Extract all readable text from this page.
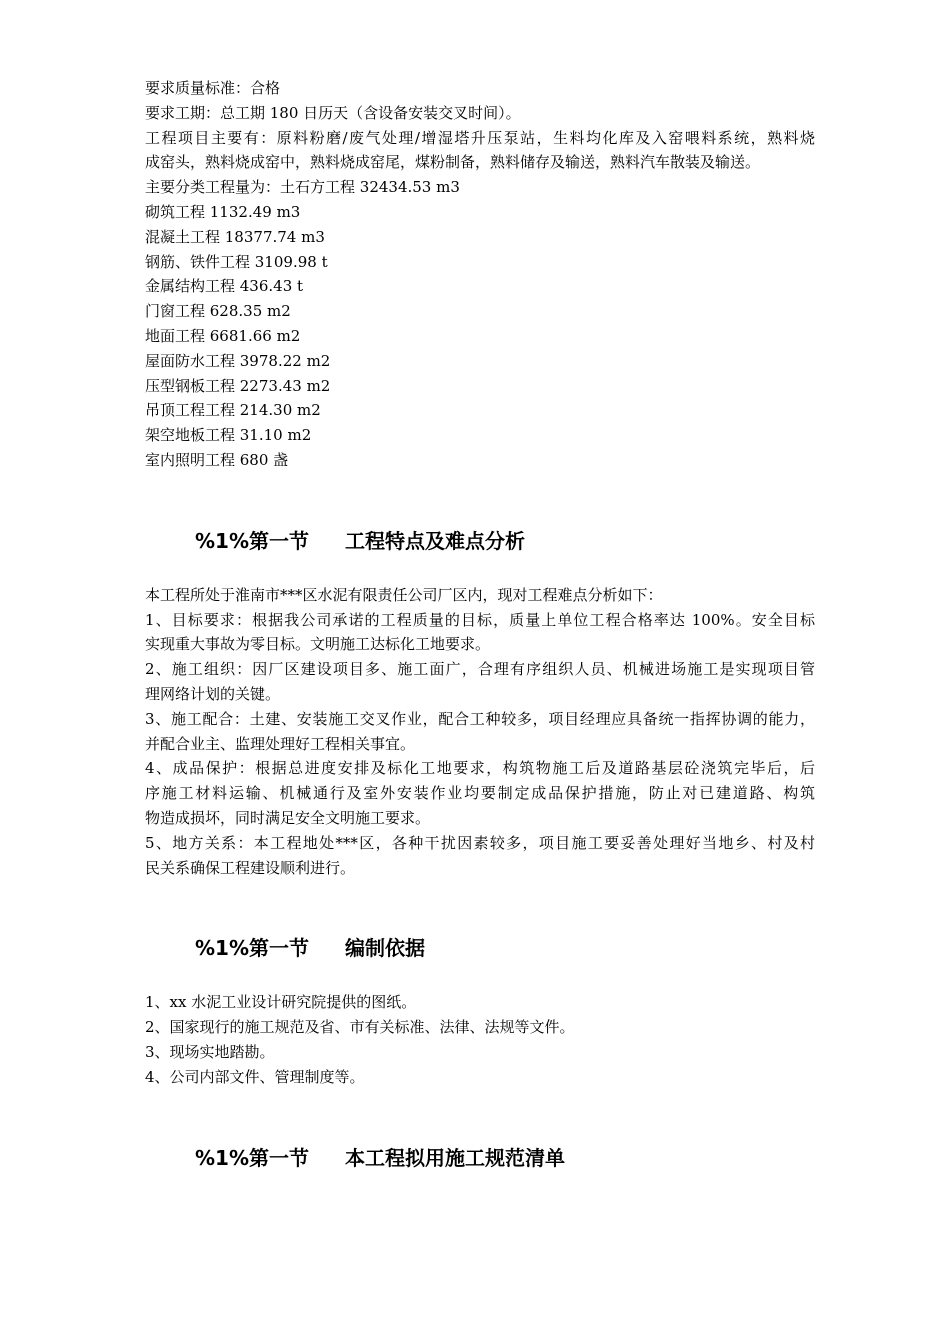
要求质量标准：合格
要求工期：总工期 180 日历天（含设备安装交叉时间）。
工程项目主要有：原料粉磨/废气处理/增湿塔升压泵站，生料均化库及入窑喂料系统，熟料烧
成窑头，熟料烧成窑中，熟料烧成窑尾，煤粉制备，熟料储存及输送，熟料汽车散装及输送。
主要分类工程量为：土石方工程 32434.53 m3
砌筑工程 1132.49 m3
混凝土工程 18377.74 m3
钢筋、铁件工程 3109.98 t
金属结构工程 436.43 t
门窗工程 628.35 m2
地面工程 6681.66 m2
屋面防水工程 3978.22 m2
压型钢板工程 2273.43 m2
吊顶工程工程 214.30 m2
架空地板工程 31.10 m2
室内照明工程 680 盏
%1%第一节 工程特点及难点分析
本工程所处于淮南市***区水泥有限责任公司厂区内，现对工程难点分析如下：
1、目标要求：根据我公司承诺的工程质量的目标，质量上单位工程合格率达 100%。安全目标
实现重大事故为零目标。文明施工达标化工地要求。
2、施工组织：因厂区建设项目多、施工面广，合理有序组织人员、机械进场施工是实现项目管
理网络计划的关键。
3、施工配合：土建、安装施工交叉作业，配合工种较多，项目经理应具备统一指挥协调的能力，
并配合业主、监理处理好工程相关事宜。
4、成品保护：根据总进度安排及标化工地要求，构筑物施工后及道路基层砼浇筑完毕后，后
序施工材料运输、机械通行及室外安装作业均要制定成品保护措施，防止对已建道路、构筑
物造成损坏，同时满足安全文明施工要求。
5、地方关系：本工程地处***区，各种干扰因素较多，项目施工要妥善处理好当地乡、村及村
民关系确保工程建设顺利进行。
%1%第一节 编制依据
1、xx 水泥工业设计研究院提供的图纸。
2、国家现行的施工规范及省、市有关标准、法律、法规等文件。
3、现场实地踏勘。
4、公司内部文件、管理制度等。
%1%第一节 本工程拟用施工规范清单
